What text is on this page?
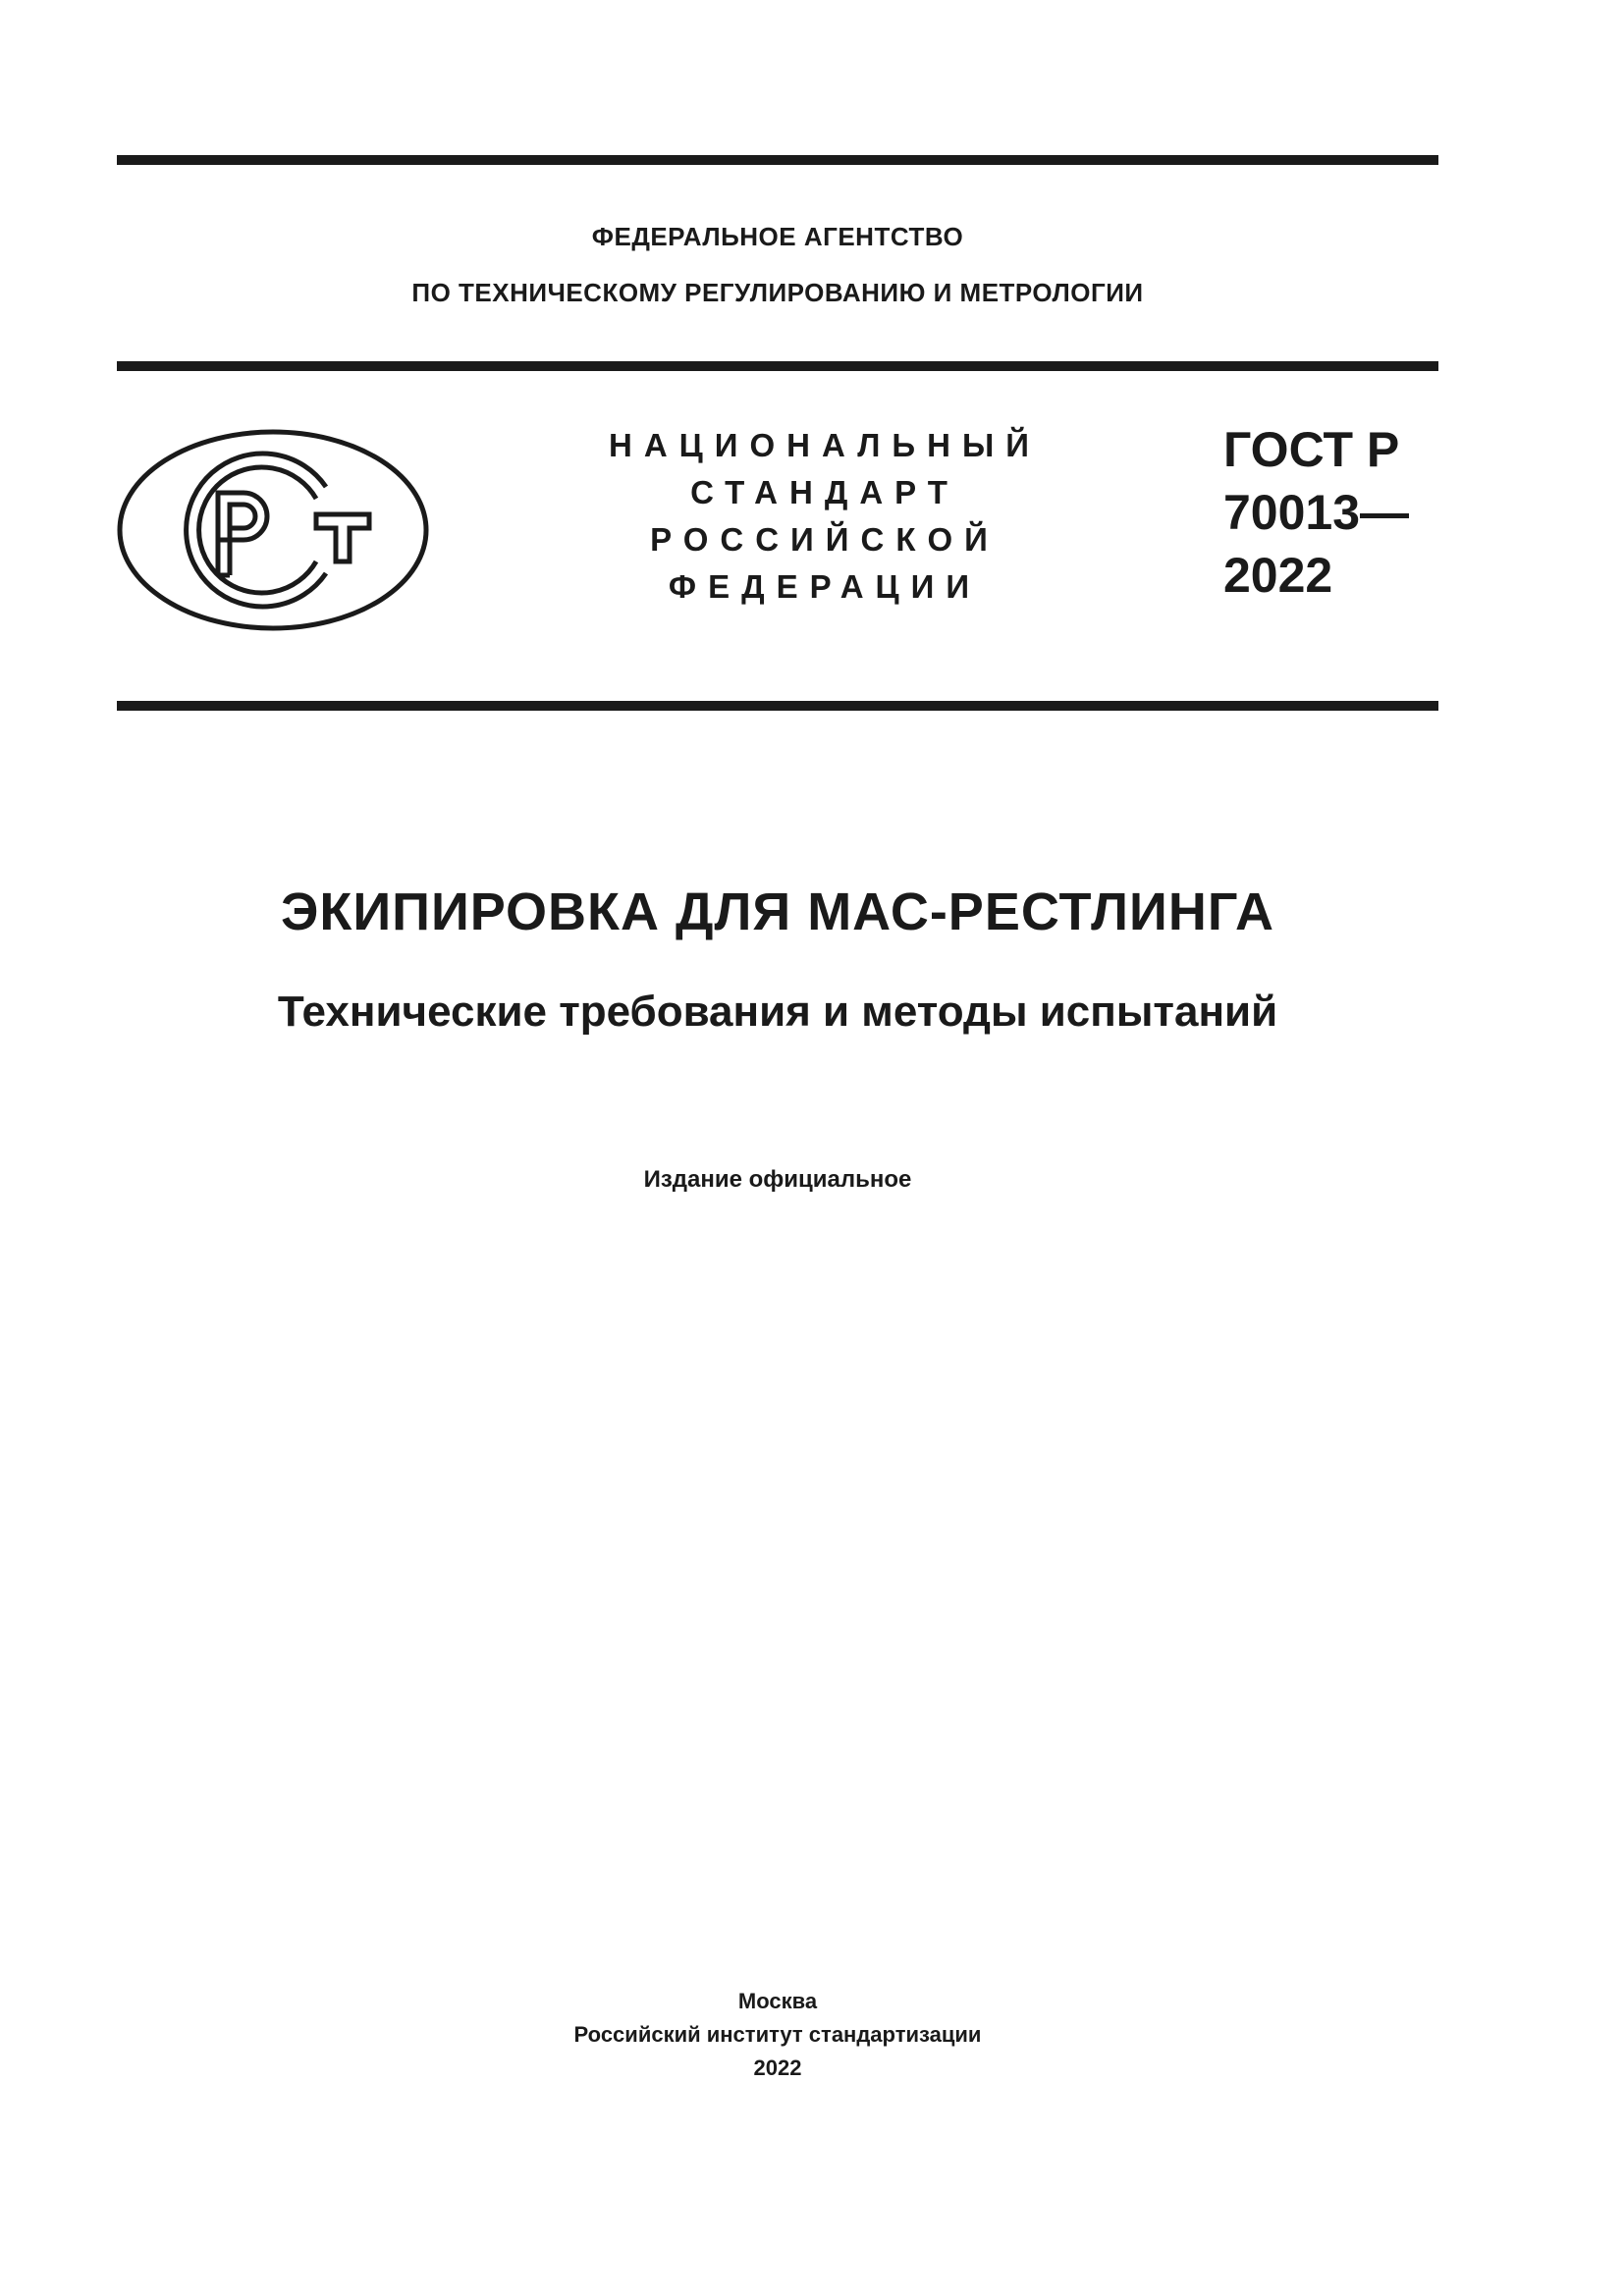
ФЕДЕРАЛЬНОЕ АГЕНТСТВО
ПО ТЕХНИЧЕСКОМУ РЕГУЛИРОВАНИЮ И МЕТРОЛОГИИ
НАЦИОНАЛЬНЫЙ
СТАНДАРТ
РОССИЙСКОЙ
ФЕДЕРАЦИИ
ГОСТ Р
70013—
2022
ЭКИПИРОВКА ДЛЯ МАС-РЕСТЛИНГА
Технические требования и методы испытаний
Издание официальное
Москва
Российский институт стандартизации
2022
